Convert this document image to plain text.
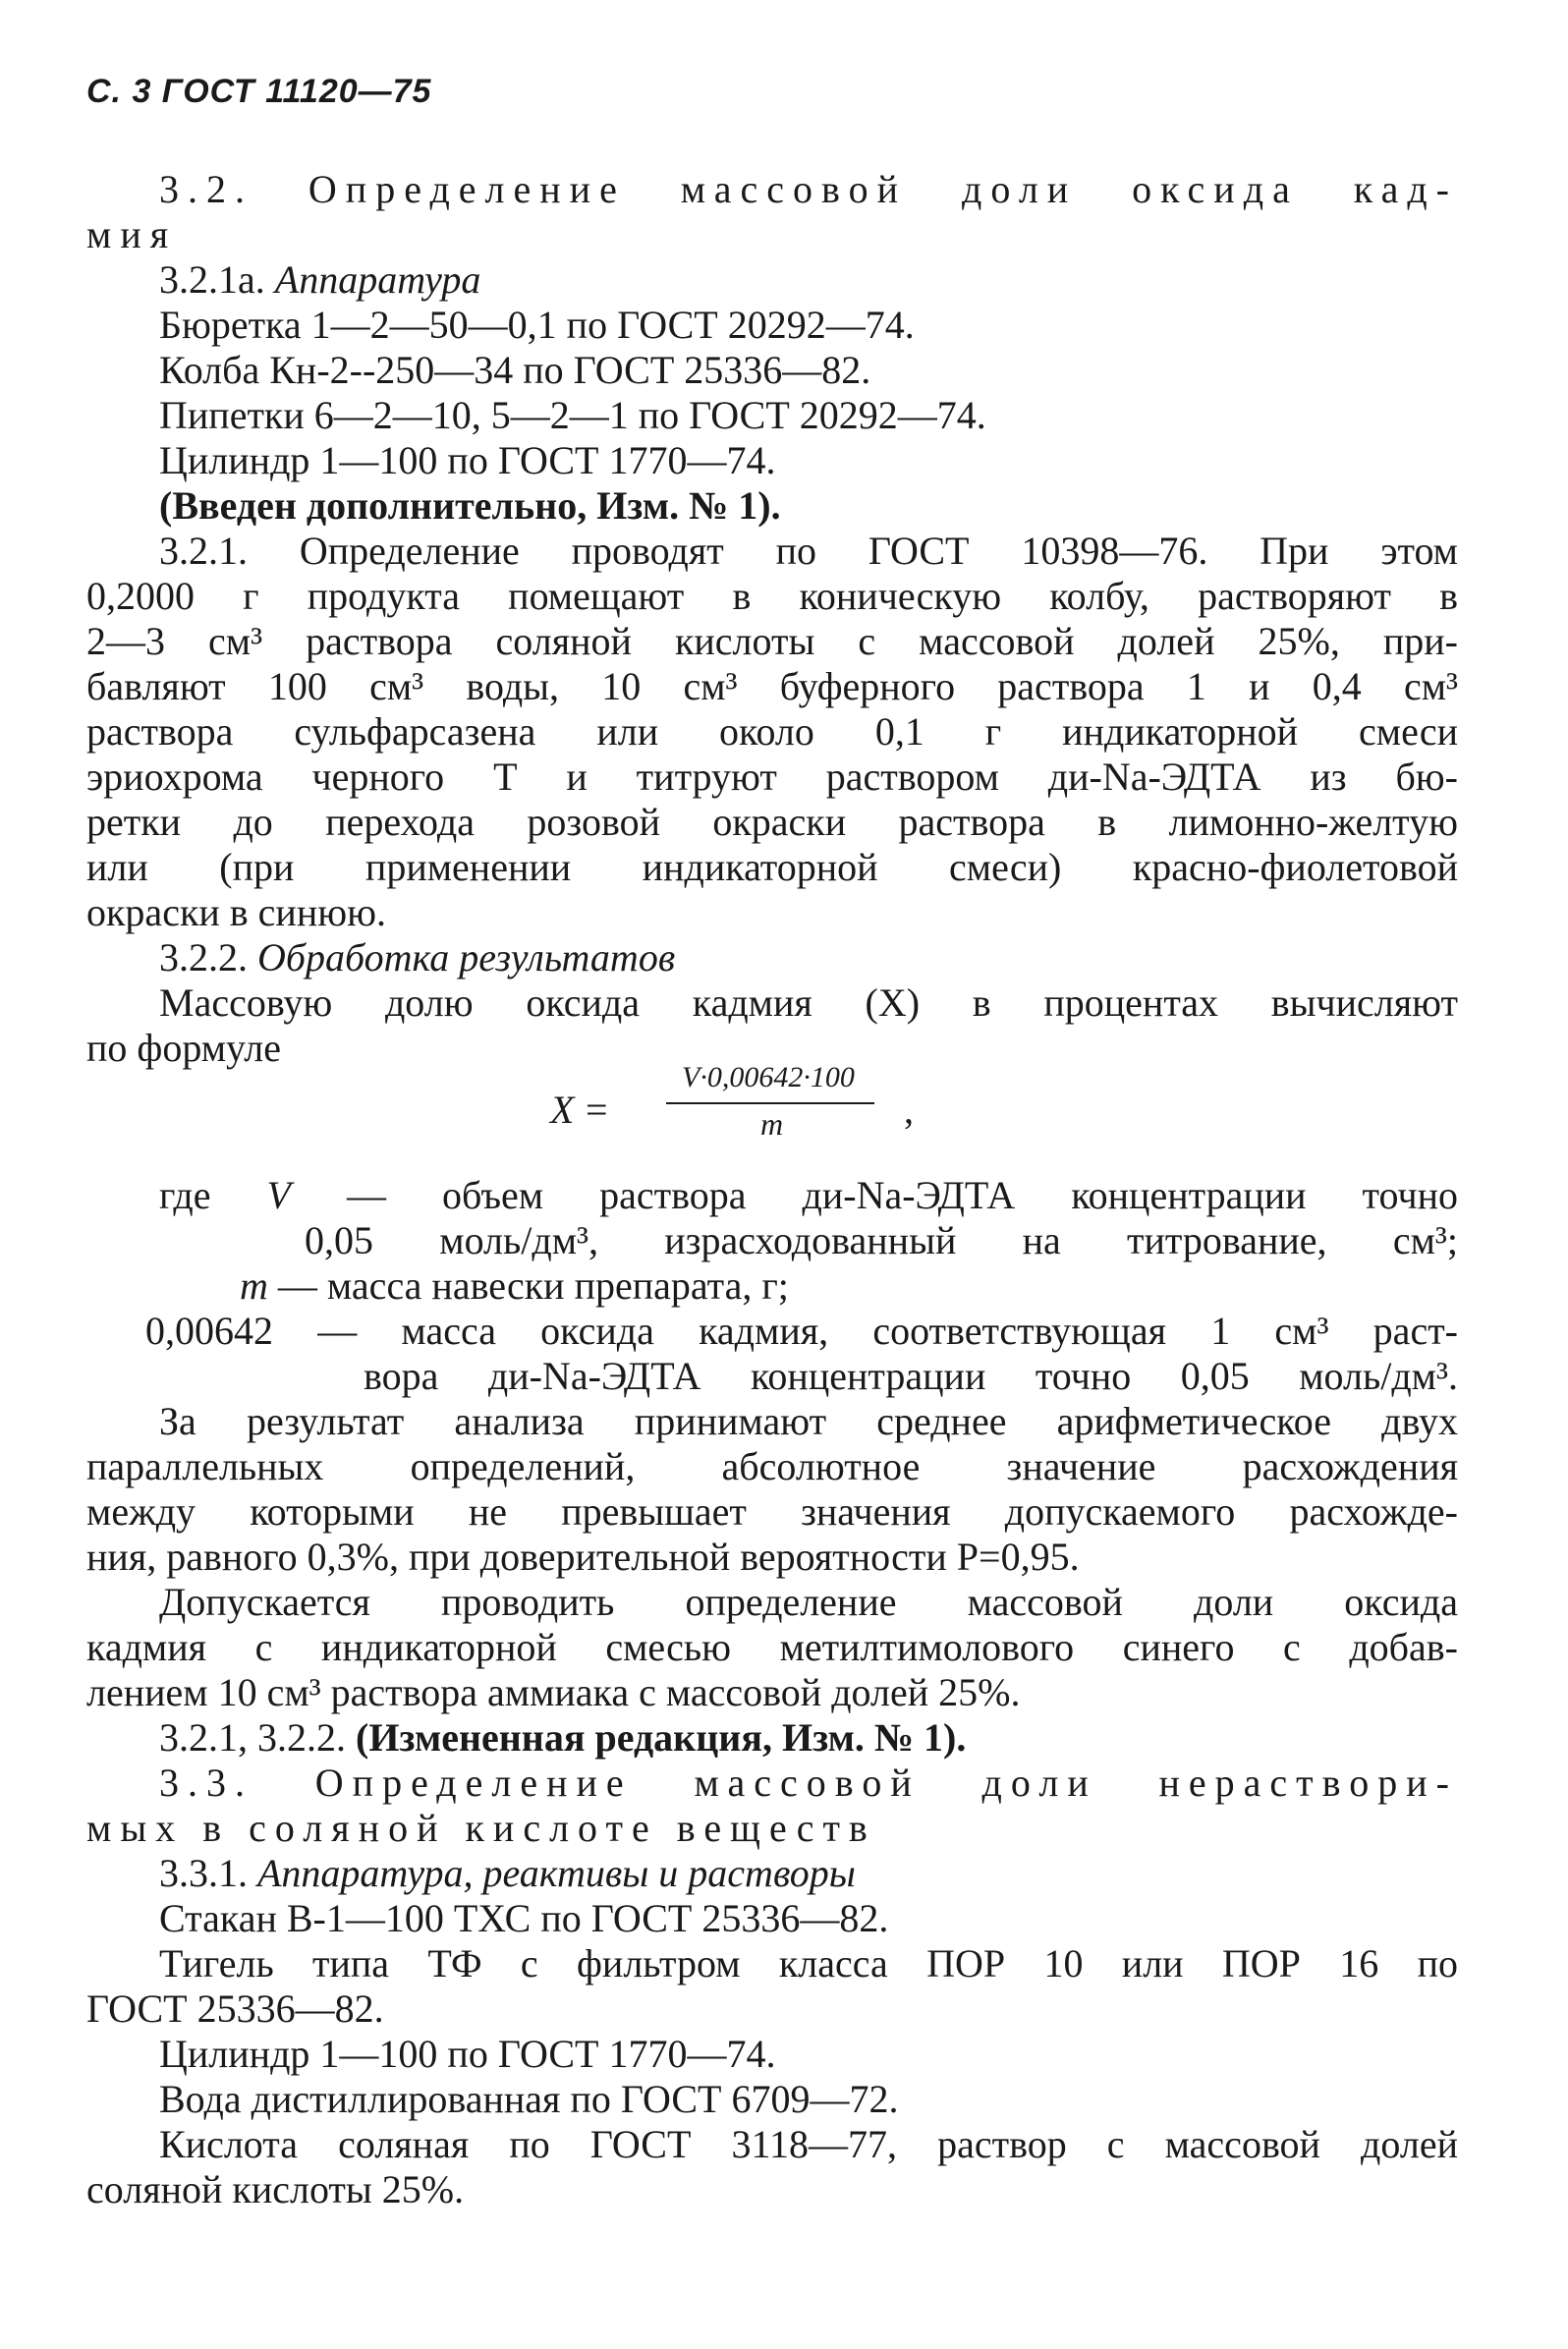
С. 3 ГОСТ 11120—75
3.2. Определение массовой доли оксида кад-
мия
3.2.1а. Аппаратура
Бюретка 1—2—50—0,1 по ГОСТ 20292—74.
Колба Кн-2--250—34 по ГОСТ 25336—82.
Пипетки 6—2—10, 5—2—1 по ГОСТ 20292—74.
Цилиндр 1—100 по ГОСТ 1770—74.
(Введен дополнительно, Изм. № 1).
3.2.1. Определение проводят по ГОСТ 10398—76. При этом
0,2000 г продукта помещают в коническую колбу, растворяют в
2—3 см³ раствора соляной кислоты с массовой долей 25%, при-
бавляют 100 см³ воды, 10 см³ буферного раствора 1 и 0,4 см³
раствора сульфарсазена или около 0,1 г индикаторной смеси
эриохрома черного Т и титруют раствором ди-Na-ЭДТА из бю-
ретки до перехода розовой окраски раствора в лимонно-желтую
или (при применении индикаторной смеси) красно-фиолетовой
окраски в синюю.
3.2.2. Обработка результатов
Массовую долю оксида кадмия (X) в процентах вычисляют
по формуле
X =
V·0,00642·100
m	,
где V — объем раствора ди-Na-ЭДТА концентрации точно
0,05 моль/дм³, израсходованный на титрование, см³;
m — масса навески препарата, г;
0,00642 — масса оксида кадмия, соответствующая 1 см³ раст-
вора ди-Na-ЭДТА концентрации точно 0,05 моль/дм³.
За результат анализа принимают среднее арифметическое двух
параллельных определений, абсолютное значение расхождения
между которыми не превышает значения допускаемого расхожде-
ния, равного 0,3%, при доверительной вероятности P=0,95.
Допускается проводить определение массовой доли оксида
кадмия с индикаторной смесью метилтимолового синего с добав-
лением 10 см³ раствора аммиака с массовой долей 25%.
3.2.1, 3.2.2. (Измененная редакция, Изм. № 1).
3.3. Определение массовой доли нераствори-
мых в соляной кислоте веществ
3.3.1. Аппаратура, реактивы и растворы
Стакан В-1—100 ТХС по ГОСТ 25336—82.
Тигель типа ТФ с фильтром класса ПОР 10 или ПОР 16 по
ГОСТ 25336—82.
Цилиндр 1—100 по ГОСТ 1770—74.
Вода дистиллированная по ГОСТ 6709—72.
Кислота соляная по ГОСТ 3118—77, раствор с массовой долей
соляной кислоты 25%.
